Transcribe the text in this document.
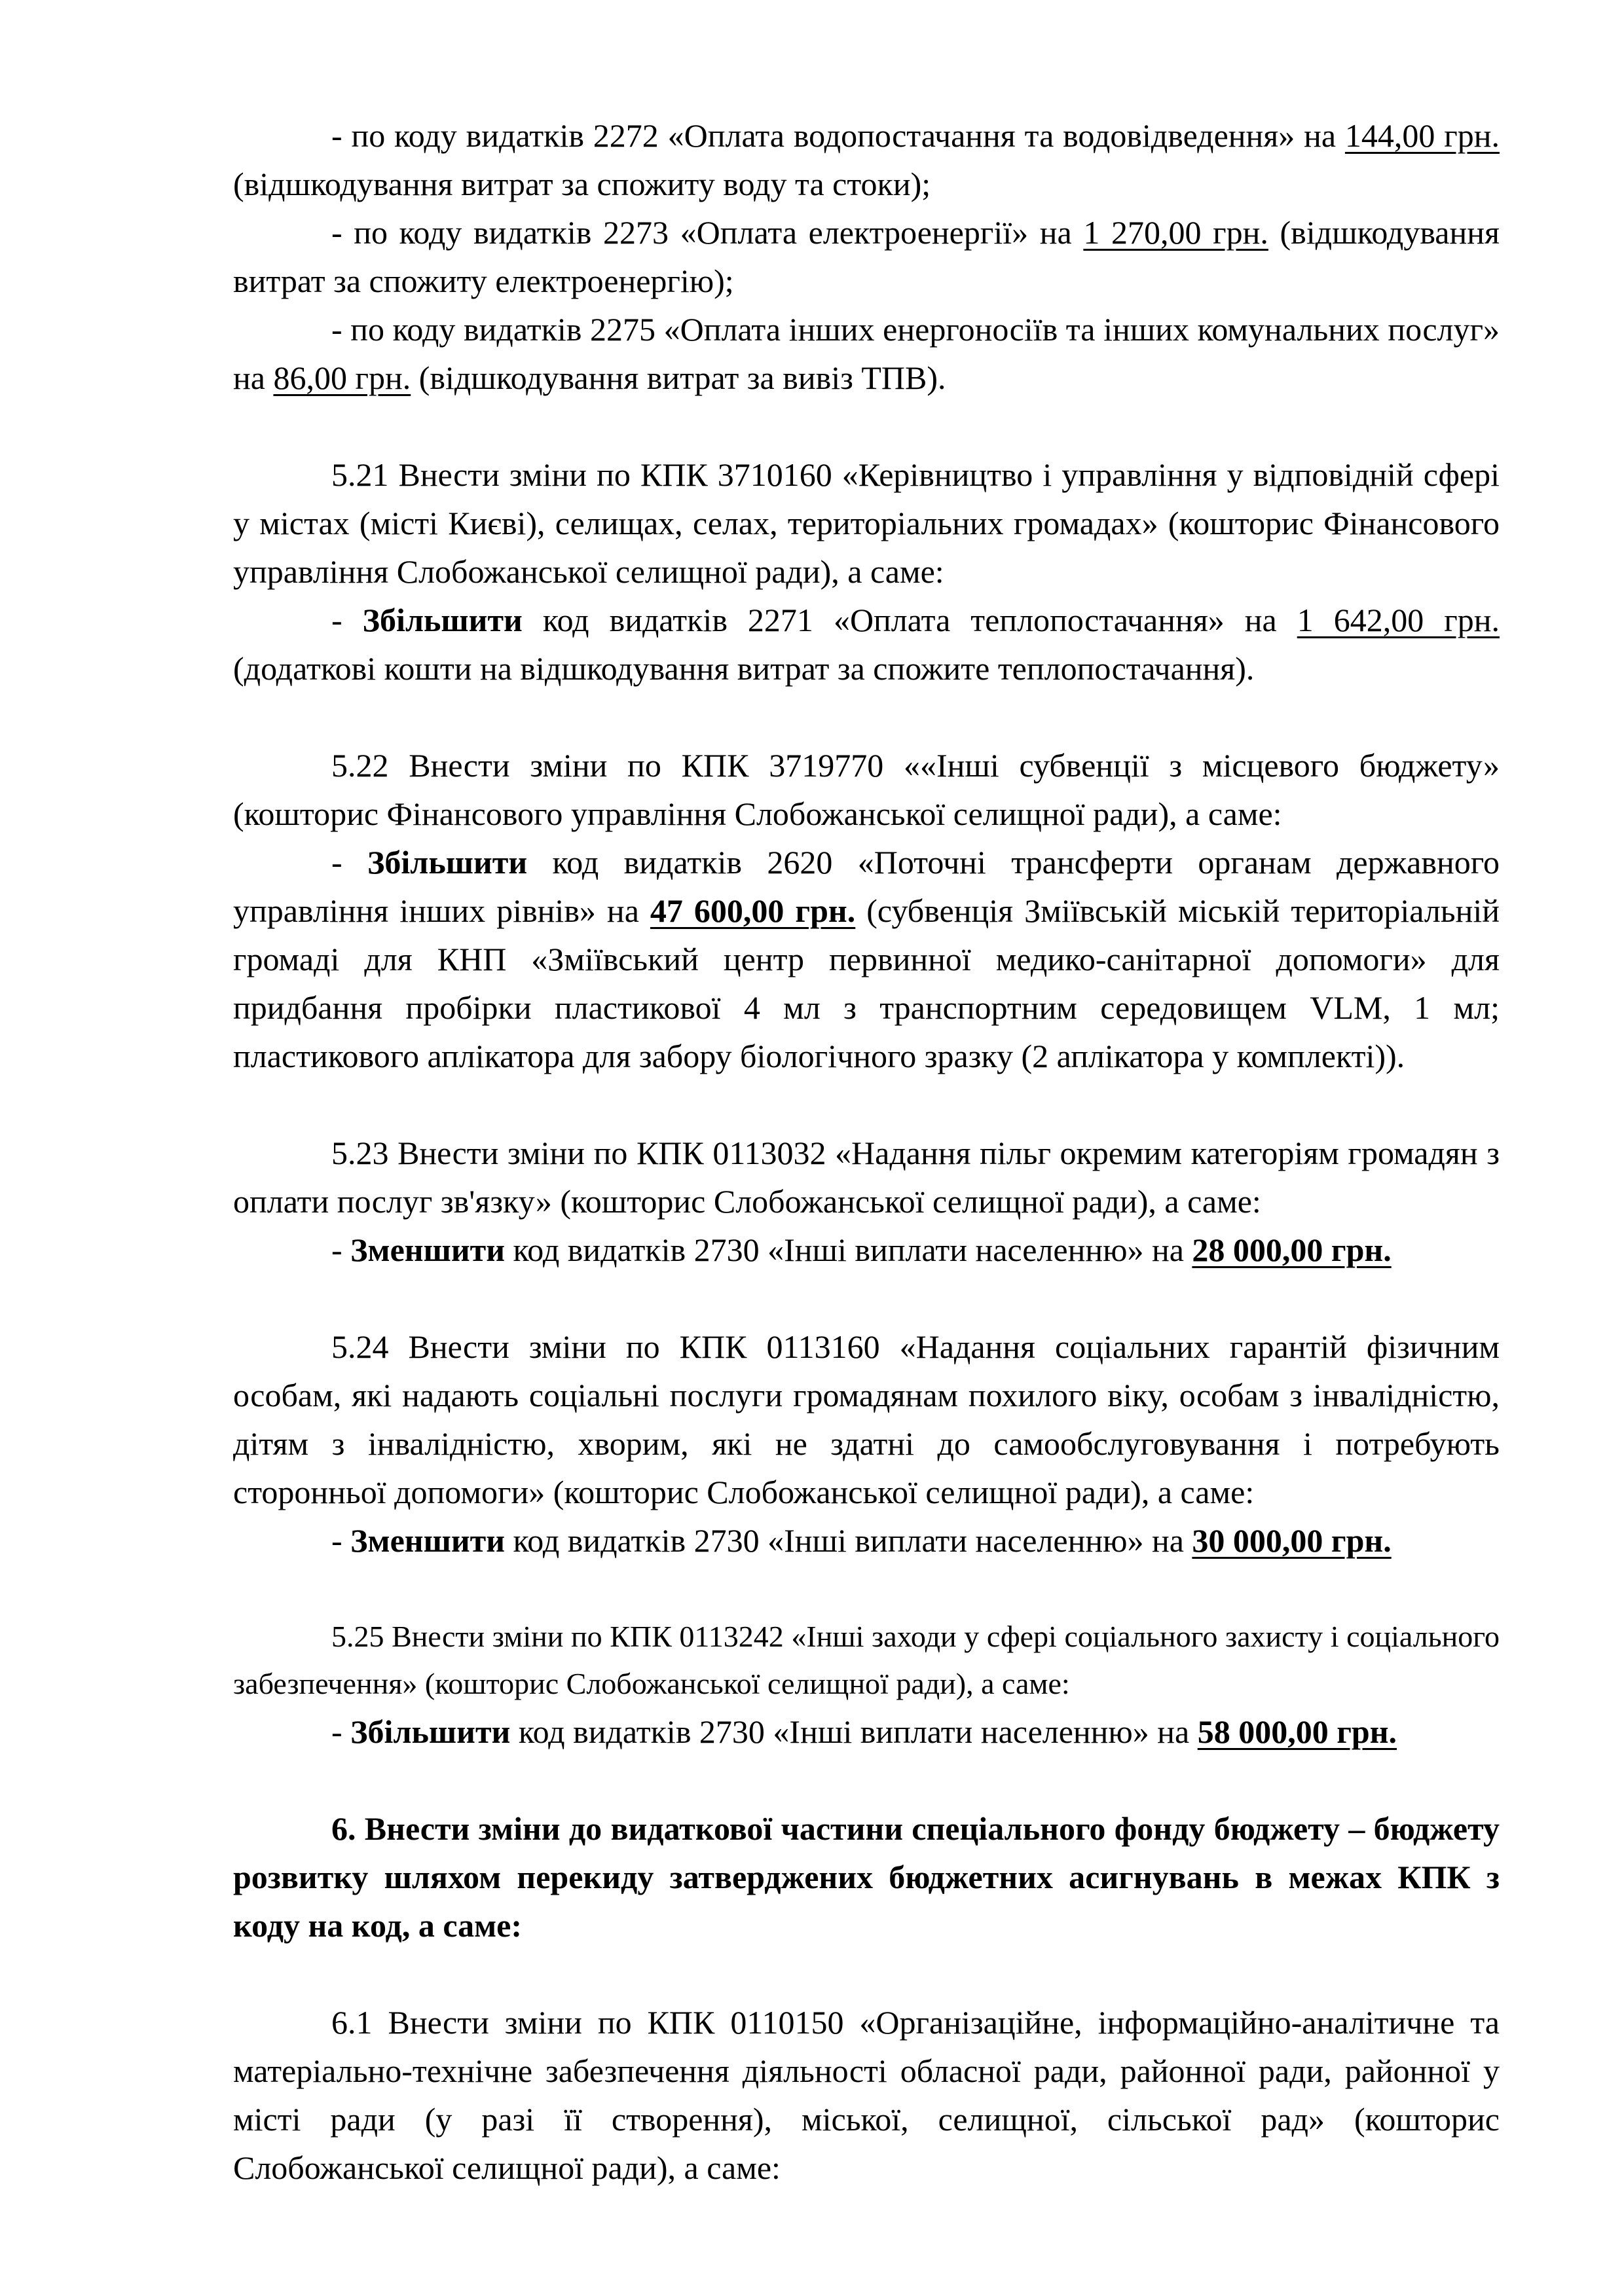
- по коду видатків 2272 «Оплата водопостачання та водовідведення» на 144,00 грн. (відшкодування витрат за спожиту воду та стоки);

- по коду видатків 2273 «Оплата електроенергії» на 1 270,00 грн. (відшкодування витрат за спожиту електроенергію);

- по коду видатків 2275 «Оплата інших енергоносіїв та інших комунальних послуг» на 86,00 грн. (відшкодування витрат за вивіз ТПВ).

5.21 Внести зміни по КПК 3710160 «Керівництво і управління у відповідній сфері у містах (місті Києві), селищах, селах, територіальних громадах» (кошторис Фінансового управління Слобожанської селищної ради), а саме:

- Збільшити код видатків 2271 «Оплата теплопостачання» на 1 642,00 грн. (додаткові кошти на відшкодування витрат за спожите теплопостачання).

5.22 Внести зміни по КПК 3719770 ««Інші субвенції з місцевого бюджету» (кошторис Фінансового управління Слобожанської селищної ради), а саме:

- Збільшити код видатків 2620 «Поточні трансферти органам державного управління інших рівнів» на 47 600,00 грн. (субвенція Зміївській міській територіальній громаді для КНП «Зміївський центр первинної медико-санітарної допомоги» для придбання пробірки пластикової 4 мл з транспортним середовищем VLM, 1 мл; пластикового аплікатора для забору біологічного зразку (2 аплікатора у комплекті)).

5.23 Внести зміни по КПК 0113032 «Надання пільг окремим категоріям громадян з оплати послуг зв'язку» (кошторис Слобожанської селищної ради), а саме:

- Зменшити код видатків 2730 «Інші виплати населенню» на 28 000,00 грн.

5.24 Внести зміни по КПК 0113160 «Надання соціальних гарантій фізичним особам, які надають соціальні послуги громадянам похилого віку, особам з інвалідністю, дітям з інвалідністю, хворим, які не здатні до самообслуговування і потребують сторонньої допомоги» (кошторис Слобожанської селищної ради), а саме:

- Зменшити код видатків 2730 «Інші виплати населенню» на 30 000,00 грн.

5.25 Внести зміни по КПК 0113242 «Інші заходи у сфері соціального захисту і соціального забезпечення» (кошторис Слобожанської селищної ради), а саме:

- Збільшити код видатків 2730 «Інші виплати населенню» на 58 000,00 грн.

6. Внести зміни до видаткової частини спеціального фонду бюджету – бюджету розвитку шляхом перекиду затверджених бюджетних асигнувань в межах КПК з коду на код, а саме:

6.1 Внести зміни по КПК 0110150 «Організаційне, інформаційно-аналітичне та матеріально-технічне забезпечення діяльності обласної ради, районної ради, районної у місті ради (у разі її створення), міської, селищної, сільської рад» (кошторис Слобожанської селищної ради), а саме:
